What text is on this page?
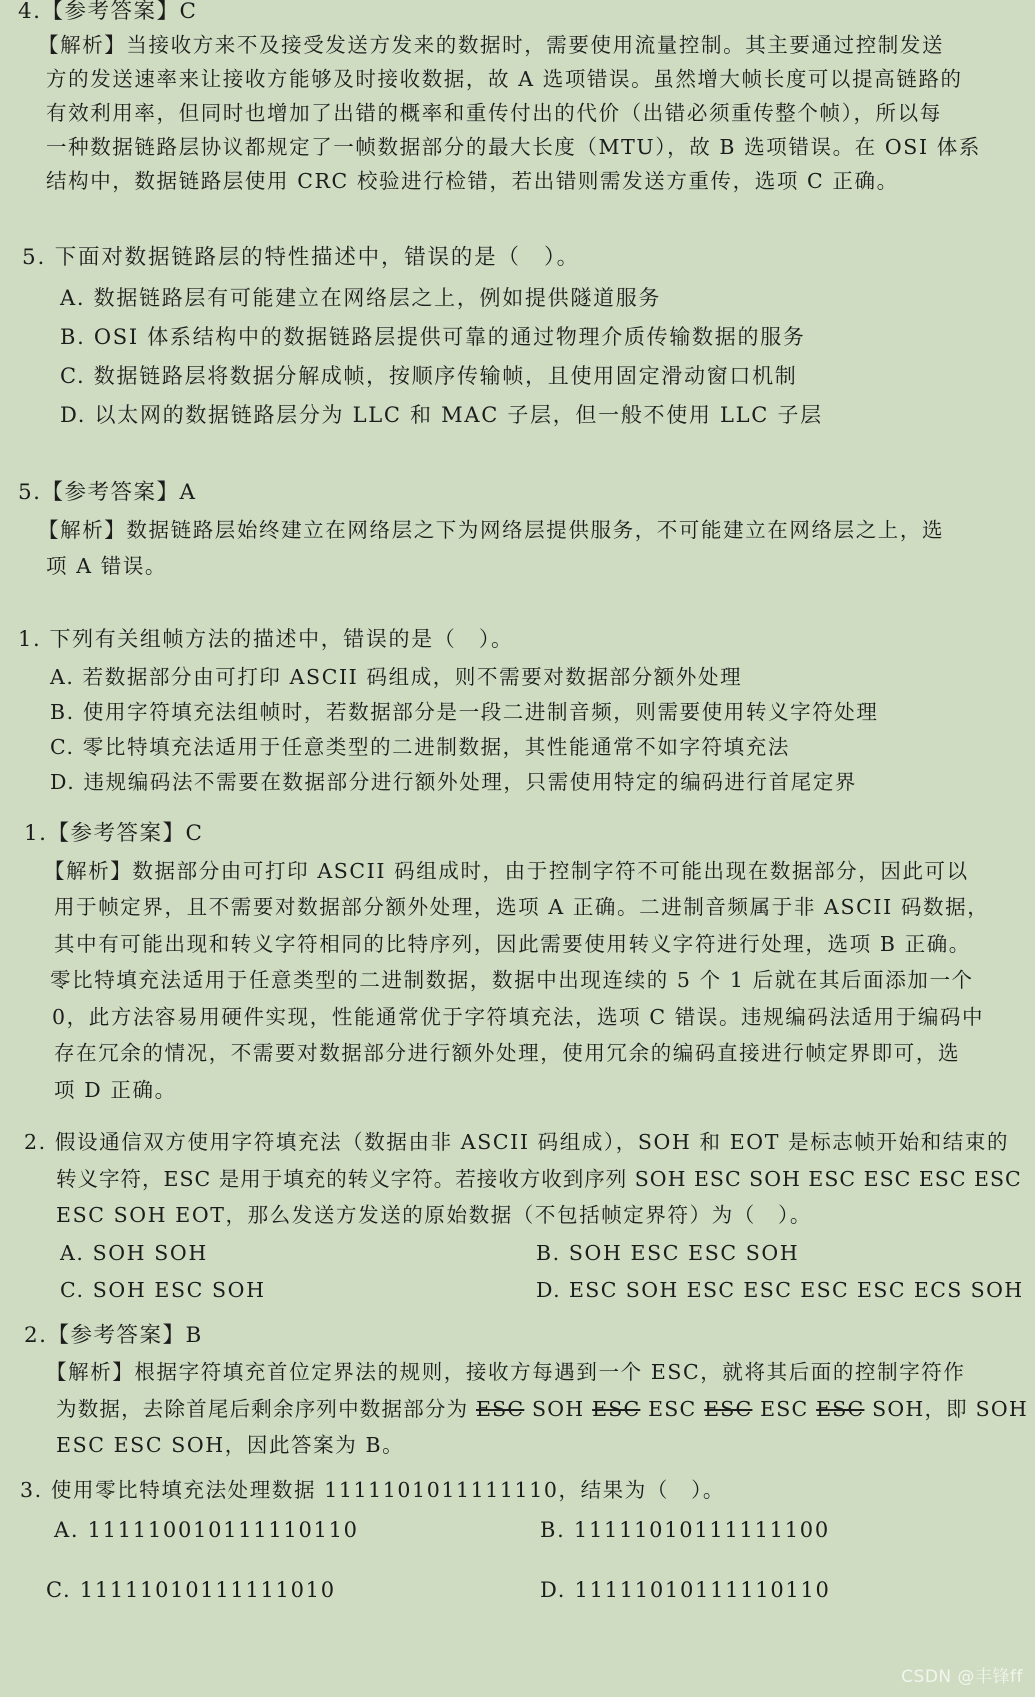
4.【参考答案】C
【解析】当接收方来不及接受发送方发来的数据时，需要使用流量控制。其主要通过控制发送
方的发送速率来让接收方能够及时接收数据，故 A 选项错误。虽然增大帧长度可以提高链路的
有效利用率，但同时也增加了出错的概率和重传付出的代价（出错必须重传整个帧），所以每
一种数据链路层协议都规定了一帧数据部分的最大长度（MTU），故 B 选项错误。在 OSI 体系
结构中，数据链路层使用 CRC 校验进行检错，若出错则需发送方重传，选项 C 正确。
5. 下面对数据链路层的特性描述中，错误的是（　）。
A. 数据链路层有可能建立在网络层之上，例如提供隧道服务
B. OSI 体系结构中的数据链路层提供可靠的通过物理介质传输数据的服务
C. 数据链路层将数据分解成帧，按顺序传输帧，且使用固定滑动窗口机制
D. 以太网的数据链路层分为 LLC 和 MAC 子层，但一般不使用 LLC 子层
5.【参考答案】A
【解析】数据链路层始终建立在网络层之下为网络层提供服务，不可能建立在网络层之上，选
项 A 错误。
1. 下列有关组帧方法的描述中，错误的是（　）。
A. 若数据部分由可打印 ASCII 码组成，则不需要对数据部分额外处理
B. 使用字符填充法组帧时，若数据部分是一段二进制音频，则需要使用转义字符处理
C. 零比特填充法适用于任意类型的二进制数据，其性能通常不如字符填充法
D. 违规编码法不需要在数据部分进行额外处理，只需使用特定的编码进行首尾定界
1.【参考答案】C
【解析】数据部分由可打印 ASCII 码组成时，由于控制字符不可能出现在数据部分，因此可以
用于帧定界，且不需要对数据部分额外处理，选项 A 正确。二进制音频属于非 ASCII 码数据，
其中有可能出现和转义字符相同的比特序列，因此需要使用转义字符进行处理，选项 B 正确。
零比特填充法适用于任意类型的二进制数据，数据中出现连续的 5 个 1 后就在其后面添加一个
0，此方法容易用硬件实现，性能通常优于字符填充法，选项 C 错误。违规编码法适用于编码中
存在冗余的情况，不需要对数据部分进行额外处理，使用冗余的编码直接进行帧定界即可，选
项 D 正确。
2. 假设通信双方使用字符填充法（数据由非 ASCII 码组成），SOH 和 EOT 是标志帧开始和结束的
转义字符，ESC 是用于填充的转义字符。若接收方收到序列 SOH ESC SOH ESC ESC ESC ESC
ESC SOH EOT，那么发送方发送的原始数据（不包括帧定界符）为（　）。
A. SOH SOH	B. SOH ESC ESC SOH
C. SOH ESC SOH	D. ESC SOH ESC ESC ESC ESC ECS SOH
2.【参考答案】B
【解析】根据字符填充首位定界法的规则，接收方每遇到一个 ESC，就将其后面的控制字符作
为数据，去除首尾后剩余序列中数据部分为 ESC SOH ESC ESC ESC ESC ESC SOH，即 SOH
ESC ESC SOH，因此答案为 B。
3. 使用零比特填充法处理数据 1111101011111110，结果为（　）。
A. 111110010111110110	B. 11111010111111100
C. 11111010111111010	D. 11111010111110110
CSDN @丰锋ff
